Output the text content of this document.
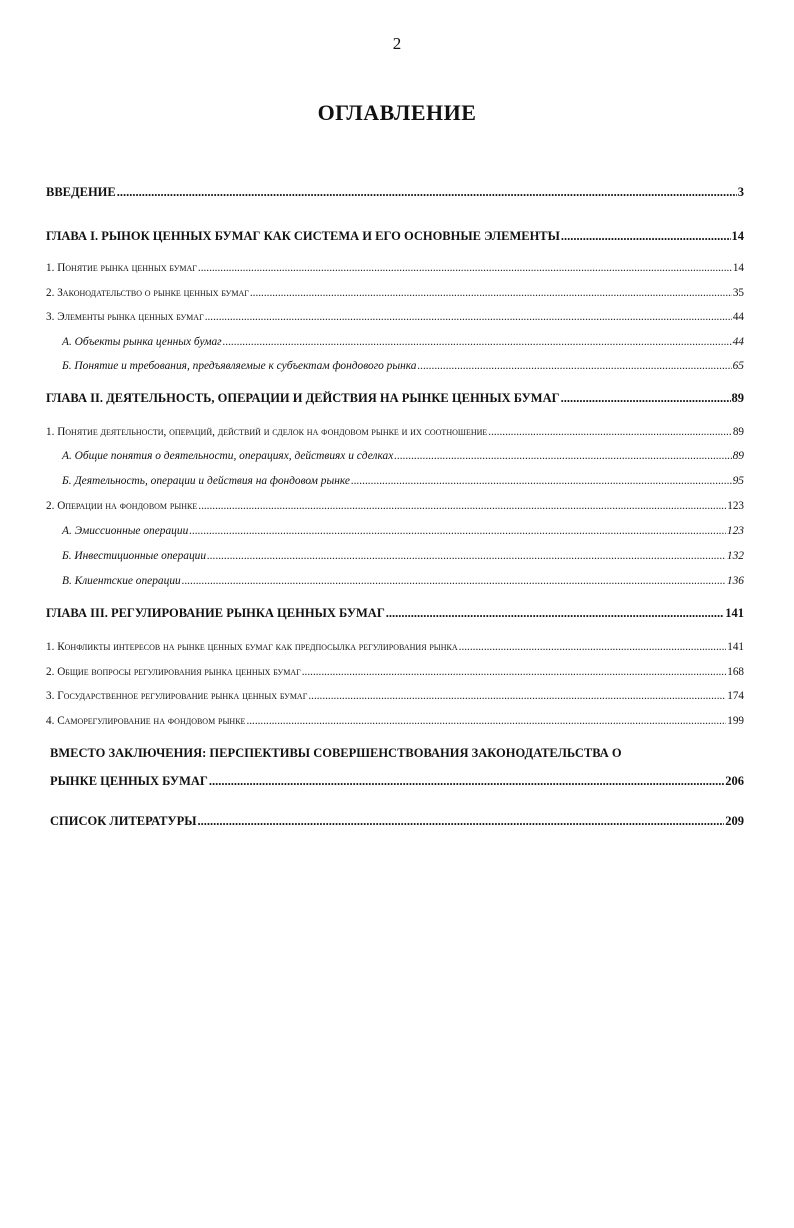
2
ОГЛАВЛЕНИЕ
ВВЕДЕНИЕ .....	3
ГЛАВА I. РЫНОК ЦЕННЫХ БУМАГ КАК СИСТЕМА И ЕГО ОСНОВНЫЕ ЭЛЕМЕНТЫ .....	14
1. Понятие рынка ценных бумаг .....	14
2. Законодательство о рынке ценных бумаг .....	35
3. Элементы рынка ценных бумаг .....	44
А. Объекты рынка ценных бумаг .....	44
Б. Понятие и требования, предъявляемые к субъектам фондового рынка .....	65
ГЛАВА II. ДЕЯТЕЛЬНОСТЬ, ОПЕРАЦИИ И ДЕЙСТВИЯ НА РЫНКЕ ЦЕННЫХ БУМАГ .....	89
1. Понятие деятельности, операций, действий и сделок на фондовом рынке и их соотношение .....	89
А. Общие понятия о деятельности, операциях, действиях и сделках .....	89
Б. Деятельность, операции и действия на фондовом рынке .....	95
2. Операции на фондовом рынке .....	123
А. Эмиссионные операции .....	123
Б. Инвестиционные операции .....	132
В. Клиентские операции .....	136
ГЛАВА III. РЕГУЛИРОВАНИЕ РЫНКА ЦЕННЫХ БУМАГ .....	141
1. Конфликты интересов на рынке ценных бумаг как предпосылка регулирования рынка .....	141
2. Общие вопросы регулирования рынка ценных бумаг .....	168
3. Государственное регулирование рынка ценных бумаг .....	174
4. Саморегулирование на фондовом рынке .....	199
ВМЕСТО ЗАКЛЮЧЕНИЯ: ПЕРСПЕКТИВЫ СОВЕРШЕНСТВОВАНИЯ ЗАКОНОДАТЕЛЬСТВА О
РЫНКЕ ЦЕННЫХ БУМАГ .....	206
СПИСОК ЛИТЕРАТУРЫ .....	209
